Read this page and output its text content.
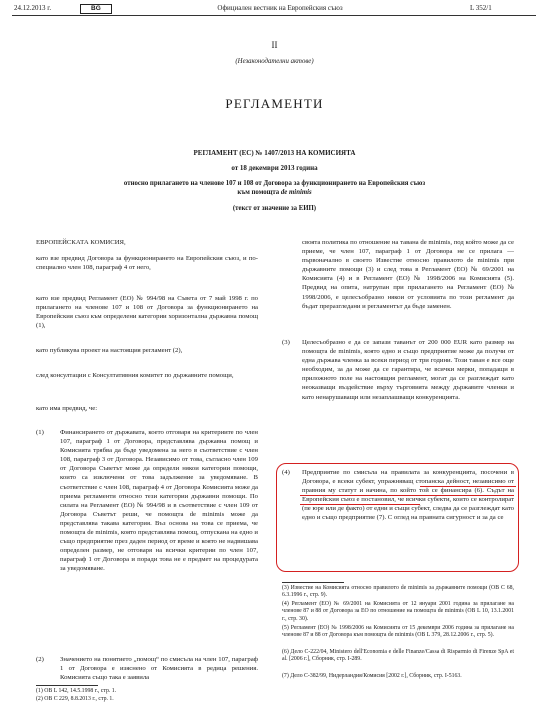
24.12.2013 г.	BG	Официален вестник на Европейския съюз	L 352/1
II
(Незаконодателни актове)
РЕГЛАМЕНТИ
РЕГЛАМЕНТ (ЕС) № 1407/2013 НА КОМИСИЯТА
от 18 декември 2013 година
относно прилагането на членове 107 и 108 от Договора за функционирането на Европейския съюз
към помощта de minimis
(текст от значение за ЕИП)
ЕВРОПЕЙСКАТА КОМИСИЯ,
като взе предвид Договора за функционирането на Европейския съюз, и по-специално член 108, параграф 4 от него,
като взе предвид Регламент (ЕО) № 994/98 на Съвета от 7 май 1998 г. по прилагането на членове 107 и 108 от Договора за функционирането на Европейския съюз към определени категории хоризонтална държавна помощ (1),
като публикува проект на настоящия регламент (2),
след консултации с Консултативния комитет по държавните помощи,
като има предвид, че:
(1) Финансирането от държавата, което отговаря на критериите по член 107, параграф 1 от Договора, представлява държавна помощ и Комисията трябва да бъде уведомена за него в съответствие с член 108, параграф 3 от Договора. Независимо от това, съгласно член 109 от Договора Съветът може да определи някои категории помощи, които са изключени от това задължение за уведомяване. В съответствие с член 108, параграф 4 от Договора Комисията може да приема регламенти относно тези категории държавни помощи. По силата на Регламент (ЕО) № 994/98 и в съответствие с член 109 от Договора Съветът реши, че помощта de minimis може да представлява такава категория. Въз основа на това се приема, че помощта de minimis, която представлява помощ, отпускана на едно и също предприятие през даден период от време и която не надвишава определен размер, не отговаря на всички критерии по член 107, параграф 1 от Договора и поради това не е предмет на процедурата за уведомяване.
(2) Значението на понятието „помощ“ по смисъла на член 107, параграф 1 от Договора е изяснено от Комисията в редица решения. Комисията също така е заявила
(1) ОВ L 142, 14.5.1998 г., стр. 1.
(2) ОВ C 229, 8.8.2013 г., стр. 1.
своята политика по отношение на тавана de minimis, под който може да се приеме, че член 107, параграф 1 от Договора не се прилага — първоначално в своето Известие относно правилото de minimis при държавните помощи (3) и след това в Регламент (ЕО) № 69/2001 на Комисията (4) и в Регламент (ЕО) № 1998/2006 на Комисията (5). Предвид на опита, натрупан при прилагането на Регламент (ЕО) № 1998/2006, е целесъобразно някои от условията по този регламент да бъдат преразгледани и регламентът да бъде заменен.
(3) Целесъобразно е да се запази таванът от 200 000 EUR като размер на помощта de minimis, която едно и също предприятие може да получи от една държава членка за всеки период от три години. Този таван е все още необходим, за да може да се гарантира, че всички мерки, попадащи в приложното поле на настоящия регламент, могат да се разглеждат като неоказващи въздействие върху търговията между държавите членки и като ненарушаващи или незаплашващи конкуренцията.
(4) Предприятие по смисъла на правилата за конкуренцията, посочени в Договора, е всеки субект, упражняващ стопанска дейност, независимо от правния му статут и начина, по който той се финансира (6). Съдът на Европейския съюз е постановил, че всички субекти, които се контролират (пе юре или де факто) от едни и същи субект, следва да се разглеждат като едно и също предприятие (7). С оглед на правната сигурност и за да се
(3) Известие на Комисията относно правилото de minimis за държавните помощи (ОВ C 68, 6.3.1996 г., стр. 9).
(4) Регламент (ЕО) № 69/2001 на Комисията от 12 януари 2001 година за прилагане на членове 87 и 88 от Договора за ЕО по отношение на помощта de minimis (ОВ L 10, 13.1.2001 г., стр. 30).
(5) Регламент (ЕО) № 1998/2006 на Комисията от 15 декември 2006 година за прилагане на членове 87 и 88 от Договора към помощта de minimis (ОВ L 379, 28.12.2006 г., стр. 5).
(6) Дело C-222/04, Ministero dell'Economia e delle Finanze/Cassa di Risparmio di Firenze SpA et al. [2006 г.], Сборник, стр. I-289.
(7) Дело C-382/99, Нидерландия/Комисия [2002 г.], Сборник, стр. I-5163.
